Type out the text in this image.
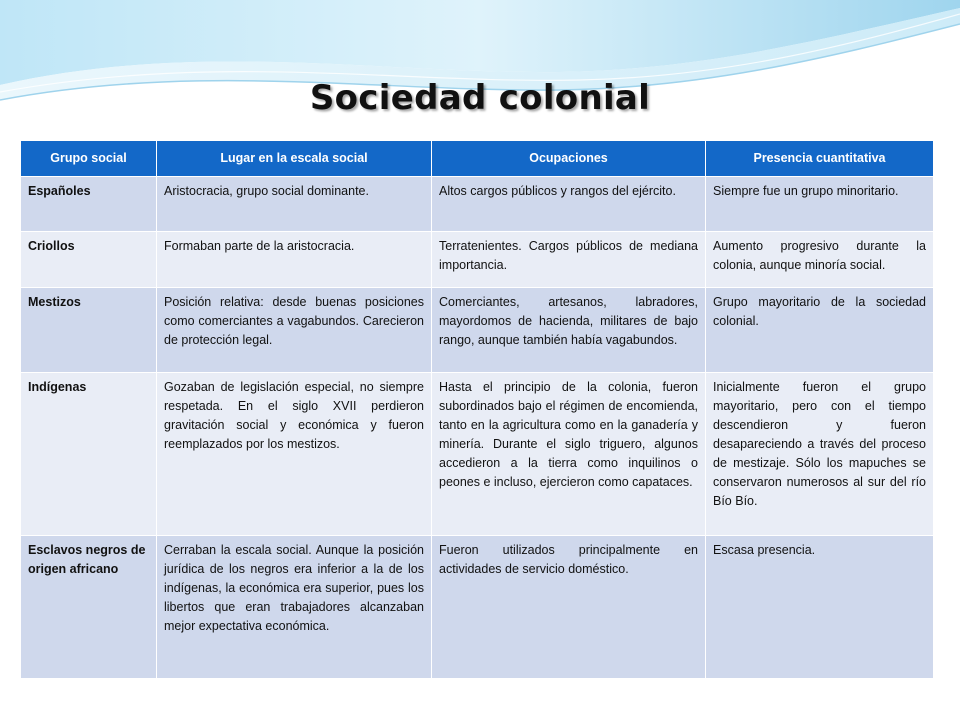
Sociedad colonial
Grupo social	Lugar en la escala social	Ocupaciones	Presencia cuantitativa
Españoles	Aristocracia, grupo social dominante.	Altos cargos públicos y rangos del ejército.	Siempre fue un grupo minoritario.
Criollos	Formaban parte de la aristocracia.	Terratenientes. Cargos públicos de mediana importancia.	Aumento progresivo durante la colonia, aunque minoría social.
Mestizos	Posición relativa: desde buenas posiciones como comerciantes a vagabundos. Carecieron de protección legal.	Comerciantes, artesanos, labradores, mayordomos de hacienda, militares de bajo rango, aunque también había vagabundos.	Grupo mayoritario de la sociedad colonial.
Indígenas	Gozaban de legislación especial, no siempre respetada. En el siglo XVII perdieron gravitación social y económica y fueron reemplazados por los mestizos.	Hasta el principio de la colonia, fueron subordinados bajo el régimen de encomienda, tanto en la agricultura como en la ganadería y minería. Durante el siglo triguero, algunos accedieron a la tierra como inquilinos o peones e incluso, ejercieron como capataces.	Inicialmente fueron el grupo mayoritario, pero con el tiempo descendieron y fueron desapareciendo a través del proceso de mestizaje. Sólo los mapuches se conservaron numerosos al sur del río Bío Bío.
Esclavos negros de origen africano	Cerraban la escala social. Aunque la posición jurídica de los negros era inferior a la de los indígenas, la económica era superior, pues los libertos que eran trabajadores alcanzaban mejor expectativa económica.	Fueron utilizados principalmente en actividades de servicio doméstico.	Escasa presencia.
